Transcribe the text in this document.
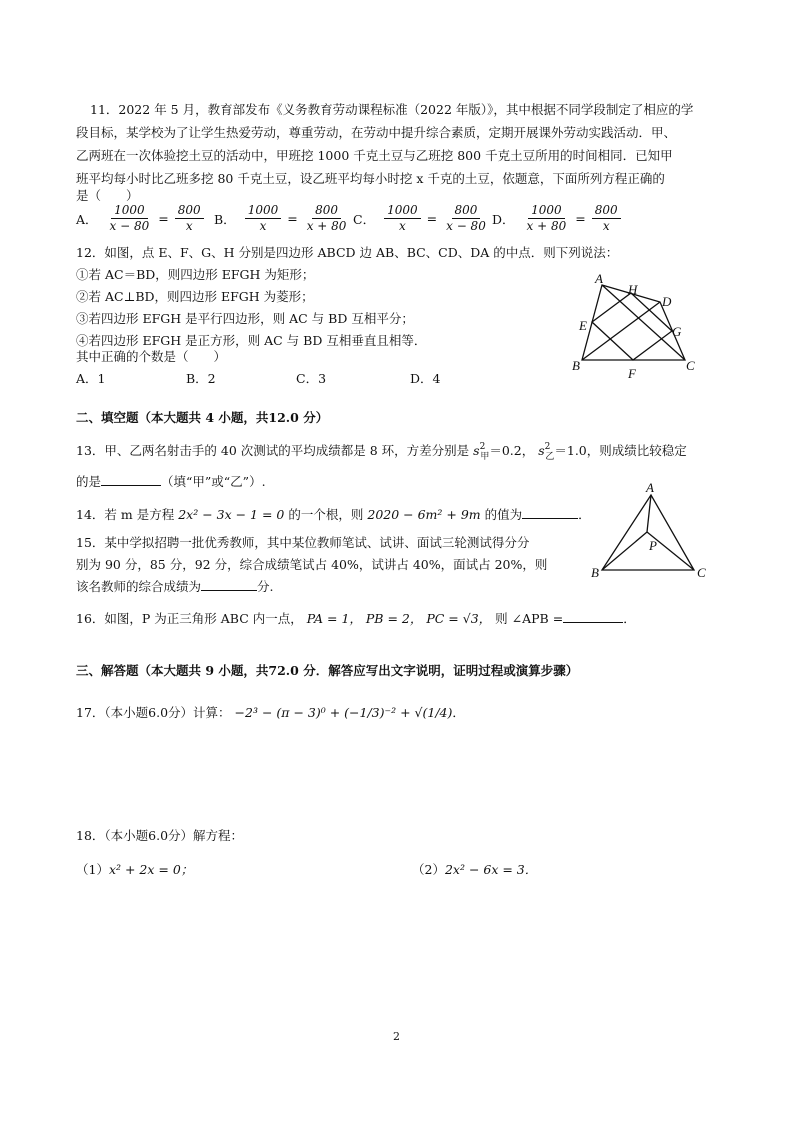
11．2022 年 5 月，教育部发布《义务教育劳动课程标准（2022 年版）》，其中根据不同学段制定了相应的学
段目标，某学校为了让学生热爱劳动，尊重劳动，在劳动中提升综合素质，定期开展课外劳动实践活动．甲、
乙两班在一次体验挖土豆的活动中，甲班挖 1000 千克土豆与乙班挖 800 千克土豆所用的时间相同．已知甲
班平均每小时比乙班多挖 80 千克土豆，设乙班平均每小时挖 x 千克的土豆，依题意，下面所列方程正确的
是（　　）
A． $\frac{1000}{x - 80} = \frac{800}{x}$ B． $\frac{1000}{x} = \frac{800}{x + 80}$ C． $\frac{1000}{x} = \frac{800}{x - 80}$ D． $\frac{1000}{x + 80} = \frac{800}{x}$
12．如图，点 E、F、G、H 分别是四边形 ABCD 边 AB、BC、CD、DA 的中点．则下列说法：
①若 AC＝BD，则四边形 EFGH 为矩形；
②若 AC⊥BD，则四边形 EFGH 为菱形；
③若四边形 EFGH 是平行四边形，则 AC 与 BD 互相平分；
④若四边形 EFGH 是正方形，则 AC 与 BD 互相垂直且相等．
其中正确的个数是（　　）
A．1	B．2	C．3	D．4
A
H
D
E	G
B
F
C
二、填空题（本大题共 4 小题，共12.0 分）
13．甲、乙两名射击手的 40 次测试的平均成绩都是 8 环，方差分别是 $s^2_甲=0.2$， $s^2_乙=1.0$，则成绩比较稳定
的是	（填“甲”或“乙”）.
14．若 m 是方程 2x² − 3x − 1 = 0 的一个根，则 2020 − 6m² + 9m 的值为	．
15．某中学拟招聘一批优秀教师，其中某位教师笔试、试讲、面试三轮测试得分分
别为 90 分，85 分，92 分，综合成绩笔试占 40%，试讲占 40%，面试占 20%，则
该名教师的综合成绩为	分.
A
P
B	C
16．如图，P 为正三角形 ABC 内一点， PA = 1， PB = 2， PC = √3， 则 ∠APB =	．
三、解答题（本大题共 9 小题，共72.0 分．解答应写出文字说明，证明过程或演算步骤）
17．（本小题6.0分）计算： −2³ − (π − 3)⁰ + (−1/3)⁻² + √(1/4)．
18．（本小题6.0分）解方程：
（1）x² + 2x = 0；	（2）2x² − 6x = 3．
2
